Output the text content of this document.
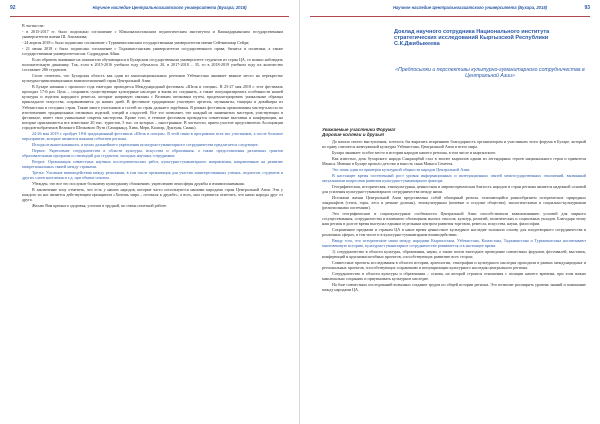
92	Научное наследие Центральноазиатского университета (Бухара, 2018)

В частности:

- в 2015-2017 гг. было подписано соглашение с Южноказахстанским педагогическим институтом и Кашкадарьинским государственным университетом имени Ш. Алиханова;

- 24 апреля 2018 г. было подписано соглашение с Туркменистанским государственным университетом имени Сейтнимазар Сейди;

- 21 июня 2018 г. было подписано соглашение с Таджикистанским университетом государственного права, бизнеса и политики, а также государственным университетом им. Садриддина Айни.

Если обратить внимание на показатели обучающихся в Бухарском государственном университете студентов из стран ЦА, то можно наблюдать положительную динамику. Так, если в 2015-2016 учебном году обучалось 20, в 2017-2018 – 35, то в 2018-2019 учебном году их количество составляет 286 студентов.

Стоит отметить, что Бухарская область как один из многонациональных регионов Узбекистана занимает важное место на перекрестке культурно-цивилизационных взаимоотношений стран Центральной Азии.

В Бухаре начиная с прошлого года ежегодно проводится Международный фестиваль «Шелк и специи». В 25-27 мая 2018 г. этот фестиваль проходил 17-й раз. Цель – сохранить существующие культурные наследие и вновь их соединить, а также популяризировать особенности нашей культуры и изделия народного ремесла, которые напрямую связаны с Великим шелковым путем, продемонстрировать уникальные образцы прикладного искусства, сохранившиеся до наших дней. В фестивале традиционно участвуют артисты, музыканты, танцоры и дизайнеры из Узбекистана и соседних стран. Также много участников и гостей из стран дальнего зарубежья. В рамках фестиваля организованы мастер-классы по изготовлению традиционных шелковых изделий, специй и сладостей. Все это позволяет, что каждый из знаменитых мастеров, участвующих в фестивале, имеет свои уникальные секреты мастерства. Кроме того, в течение фестиваля проводятся совместные выставки и конференции, на которые приглашаются все известные 20 тыс. туристов, 5 тыс. из которых – иностранные. В частности, прием участие представители Ассоциации городов-побратимов Великого Шелкового Пути (Самарканд, Хива, Мерв, Кашгар, Дунхуан, Сиань).

24-26 мая 2019 г. пройдет 18-й традиционный фестиваль «Шелк и специи». В этой связи в программах всех вас участников, а после большое мероприятие, которые являются важным событием региона.

Исходя из вышесказанного, в целях дальнейшего укрепления культурно-гуманитарного сотрудничества предлагается следующее.

Первое. Укрепление сотрудничества в области культуры, искусства и образования, а также предоставления различных грантов образовательным программ и стипендий для студентов, молодых научных сотрудников.

Второе. Организация совместных научных исследовательских работ, культурно-гуманитарного направления, направленные на развитие межрегиональных связей между странами.

Третье. Усиление взаимодействия между регионами, в том числе организация для участия заинтересованных ученых, педагогов, студентов и других слоев населения и т.д. при обмене опытом.

Убежден, что все это послужит большему культурному сближению, укреплению атмосферы дружбы и взаимопонимания.

В заключение хочу отметить, что есть у наших народов, которые часто используются нашими народами стран Центральной Азии. Эти у каждого из нас является действующим принципом «Хочешь мира – готовься к дружбе», а всех, они стремятся отметить, что наши народы друг от друга.

Желаю Вам крепкого здоровья, успехов в трудной, но очень почетной работе.

Научное наследие Центральноазиатского университета (Бухара, 2018)	93
Доклад научного сотрудника Национального института стратегических исследований Кыргызской Республики С.К.Джибыкеева
«Предпосылки и перспективы культурно-гуманитарного сотрудничества в Центральной Азии»
Уважаемые участники Форума!
Дорогие коллеги и друзья!

До начала своего выступления, хотелось бы выразить искреннюю благодарность организаторам и участникам этого форума в Бухаре, который по праву считается жемчужиной культуры Узбекистана, Центральной Азии и всего мира.

Бухара занимает особое место в истории народов нашего региона, в том числе и кыргызского.

Как известно, дочь бухарского народа Санджарбай стал в эпопее кыргызов одним из легендарных героев национального героя и правителя Манаса. Именно в Бухаре прошло детство и юность сына Манаса Семетея.

Это лишь один из примеров культурной общности народов Центральной Азии.

В настоящее время постепенный рост уровня информационных и интеграционных связей межгосударственных отношений, вызванный актуальными вопросами развития культурно-гуманитарного фактора.

Географическая, историческая, этнокультурная, ценностная и мировоззренческая близость народов и стран региона является надежной основой для усиления культурно-гуманитарного сотрудничества между ними.

Истоками жизни Центральной Азии представлены собой обширный регион, отличающийся разнообразием исторических природных ландшафтов (степь, горы, леса и речные долины), этнокультурным (кочевые и оседлые общества), экологическими и социально-культурными (религиозными системами).

Эти географические и социокультурные особенности Центральной Азии способствовали взаимовлиянию условий для мирного сосуществования, сотрудничества и взаимного обогащения многих этносов, культур, религий, политических и социальных укладов. Благодаря этому наш регион в долгое время выступал единым отдельным центром развития торговли, ремесла, искусства, науки, философии.

Сохраненное предками и странам ЦА в наше время ценностное культурное наследие заложило основу для плодотворного сотрудничества в различных сферах, в том числе и в культурно-гуманитарном взаимодействии.

Ввиду того, что исторические связи между народами Кыргызстана, Узбекистана, Казахстана, Таджикистана и Туркменистана насчитывают многовековую историю, культурно-гуманитарное сотрудничество развивается и в настоящее время.

1) сотрудничество в области культуры, образования, науки, а также почти ежегодное проведение совместных форумов, фестивалей, выставок, конференций и крупномасштабных проектов, способствующих развитию всех сторон;

Совместные проекты исследования в области истории, археологии, этнографии и культурного наследия проходили в рамках международных и региональных проектов, способствующих сохранению и популяризации культурного наследия центрального региона.

Сотрудничество в области культуры и образования – основа, на которой строятся отношения с позиции нашего времени, при этом важно максимально сохранять и приумножать культурное наследие.

На базе совместных исследований возможно создание трудов по общей истории региона. Это позволит расширить уровень знаний и понимание между народами ЦА.
